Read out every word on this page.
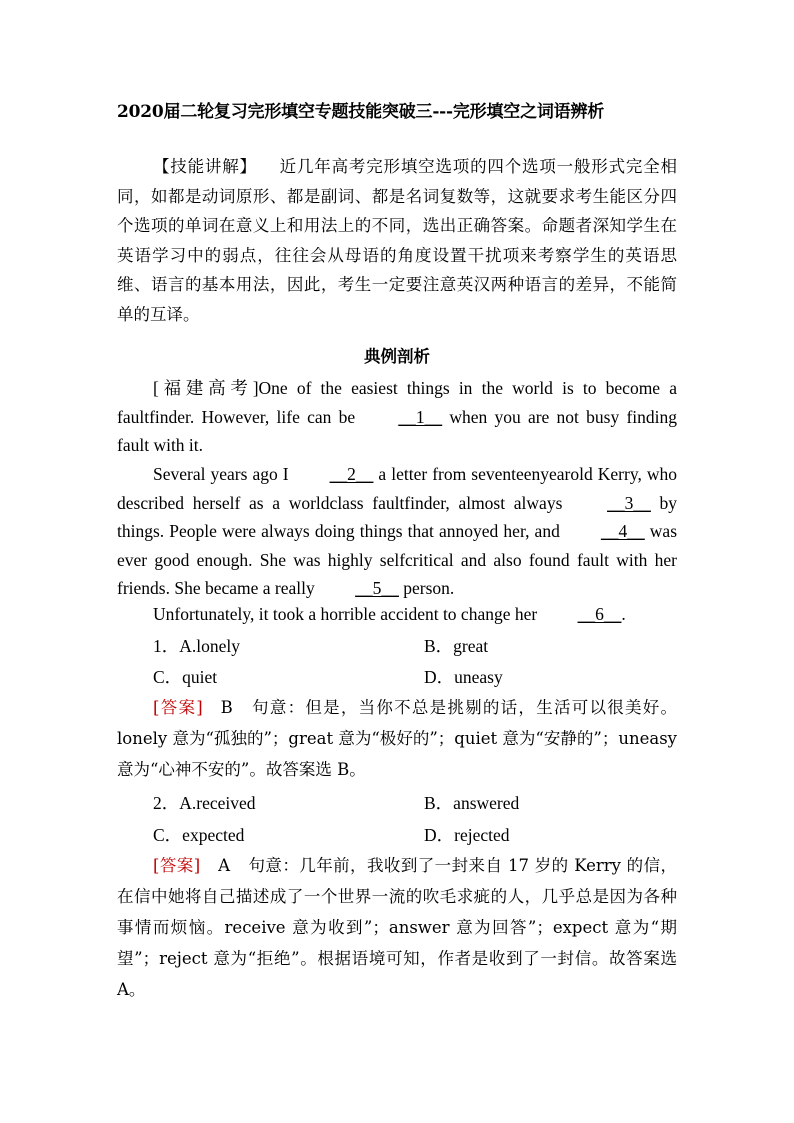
2020届二轮复习完形填空专题技能突破三---完形填空之词语辨析
【技能讲解】 近几年高考完形填空选项的四个选项一般形式完全相同，如都是动词原形、都是副词、都是名词复数等，这就要求考生能区分四个选项的单词在意义上和用法上的不同，选出正确答案。命题者深知学生在英语学习中的弱点，往往会从母语的角度设置干扰项来考察学生的英语思维、语言的基本用法，因此，考生一定要注意英汉两种语言的差异，不能简单的互译。
典例剖析
[福建高考]One of the easiest things in the world is to become a faultfinder. However, life can be __1__ when you are not busy finding fault with it.
Several years ago I __2__ a letter from seventeenyearold Kerry, who described herself as a worldclass faultfinder, almost always __3__ by things. People were always doing things that annoyed her, and __4__ was ever good enough. She was highly selfcritical and also found fault with her friends. She became a really __5__ person.
Unfortunately, it took a horrible accident to change her __6__.
1．A.lonely	B．great
C．quiet	D．uneasy
[答案] B 句意：但是，当你不总是挑剔的话，生活可以很美好。lonely 意为“孤独的”；great 意为“极好的”；quiet 意为“安静的”；uneasy 意为“心神不安的”。故答案选 B。
2．A.received	B．answered
C．expected	D．rejected
[答案] A 句意：几年前，我收到了一封来自 17 岁的 Kerry 的信，在信中她将自己描述成了一个世界一流的吹毛求疵的人，几乎总是因为各种事情而烦恼。receive 意为收到”；answer 意为回答”；expect 意为“期望”；reject 意为“拒绝”。根据语境可知，作者是收到了一封信。故答案选 A。
